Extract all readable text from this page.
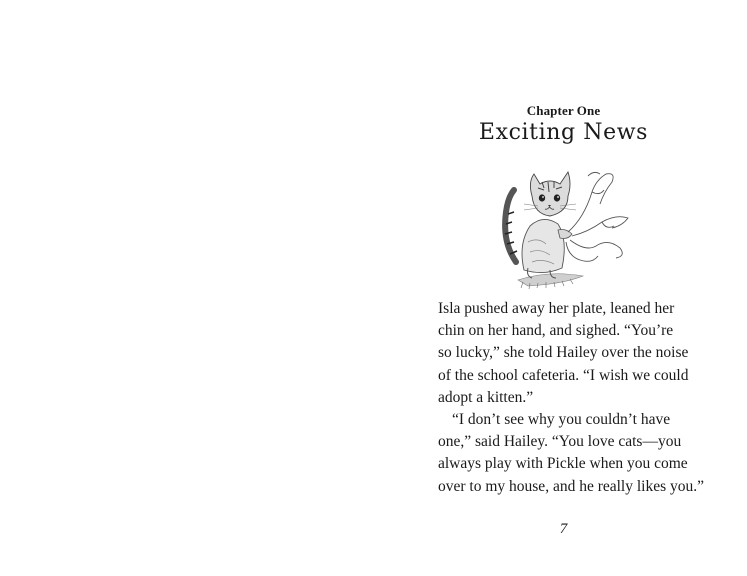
Chapter One
Exciting News

Isla pushed away her plate, leaned her

chin on her hand, and sighed. “You’re

so lucky,” she told Hailey over the noise

of the school cafeteria. “I wish we could

adopt a kitten.”

“I don’t see why you couldn’t have

one,” said Hailey. “You love cats—you

always play with Pickle when you come

over to my house, and he really likes you.”

7
